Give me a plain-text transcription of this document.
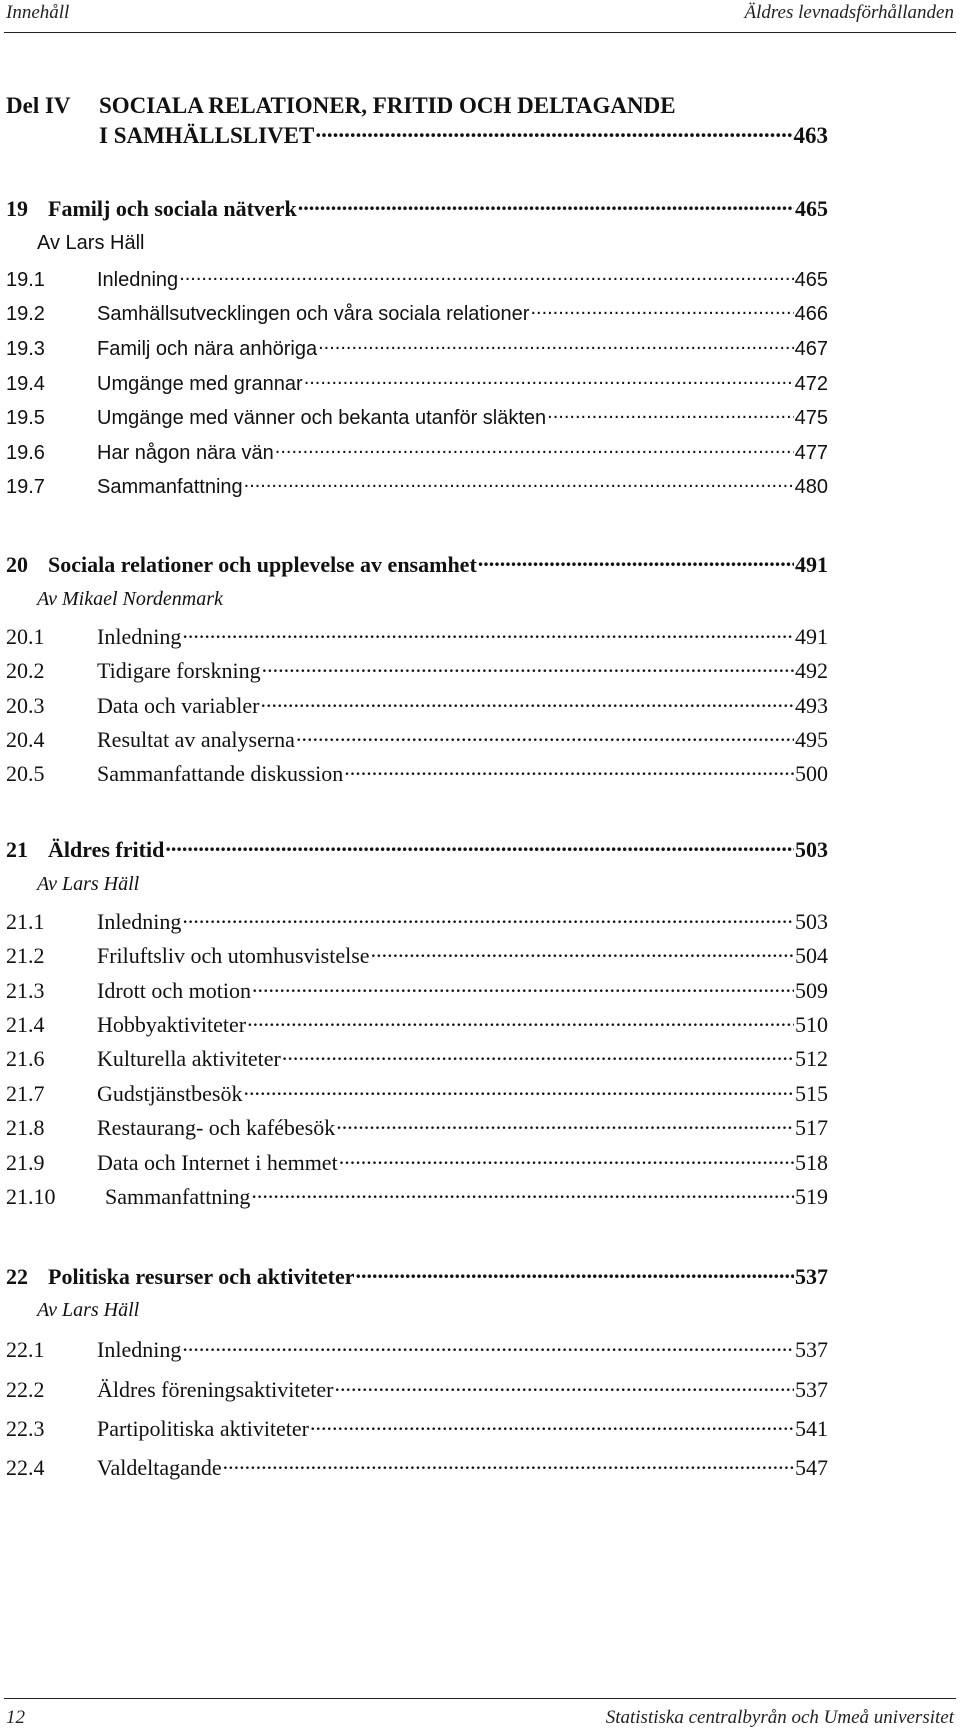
Innehåll	Äldres levnadsförhållanden
Del IV	SOCIALA RELATIONER, FRITID OCH DELTAGANDE
I SAMHÄLLSLIVET .....	463
19 Familj och sociala nätverk .....	465
Av Lars Häll
19.1	Inledning .....	465
19.2	Samhällsutvecklingen och våra sociala relationer .....	466
19.3	Familj och nära anhöriga .....	467
19.4	Umgänge med grannar .....	472
19.5	Umgänge med vänner och bekanta utanför släkten .....	475
19.6	Har någon nära vän .....	477
19.7	Sammanfattning .....	480
20 Sociala relationer och upplevelse av ensamhet .....	491
Av Mikael Nordenmark
20.1	Inledning .....	491
20.2	Tidigare forskning .....	492
20.3	Data och variabler .....	493
20.4	Resultat av analyserna .....	495
20.5	Sammanfattande diskussion .....	500
21 Äldres fritid .....	503
Av Lars Häll
21.1	Inledning .....	503
21.2	Friluftsliv och utomhusvistelse .....	504
21.3	Idrott och motion .....	509
21.4	Hobbyaktiviteter .....	510
21.6	Kulturella aktiviteter .....	512
21.7	Gudstjänstbesök .....	515
21.8	Restaurang- och kafébesök .....	517
21.9	Data och Internet i hemmet .....	518
21.10	Sammanfattning .....	519
22 Politiska resurser och aktiviteter .....	537
Av Lars Häll
22.1	Inledning .....	537
22.2	Äldres föreningsaktiviteter .....	537
22.3	Partipolitiska aktiviteter .....	541
22.4	Valdeltagande .....	547
12	Statistiska centralbyrån och Umeå universitet
